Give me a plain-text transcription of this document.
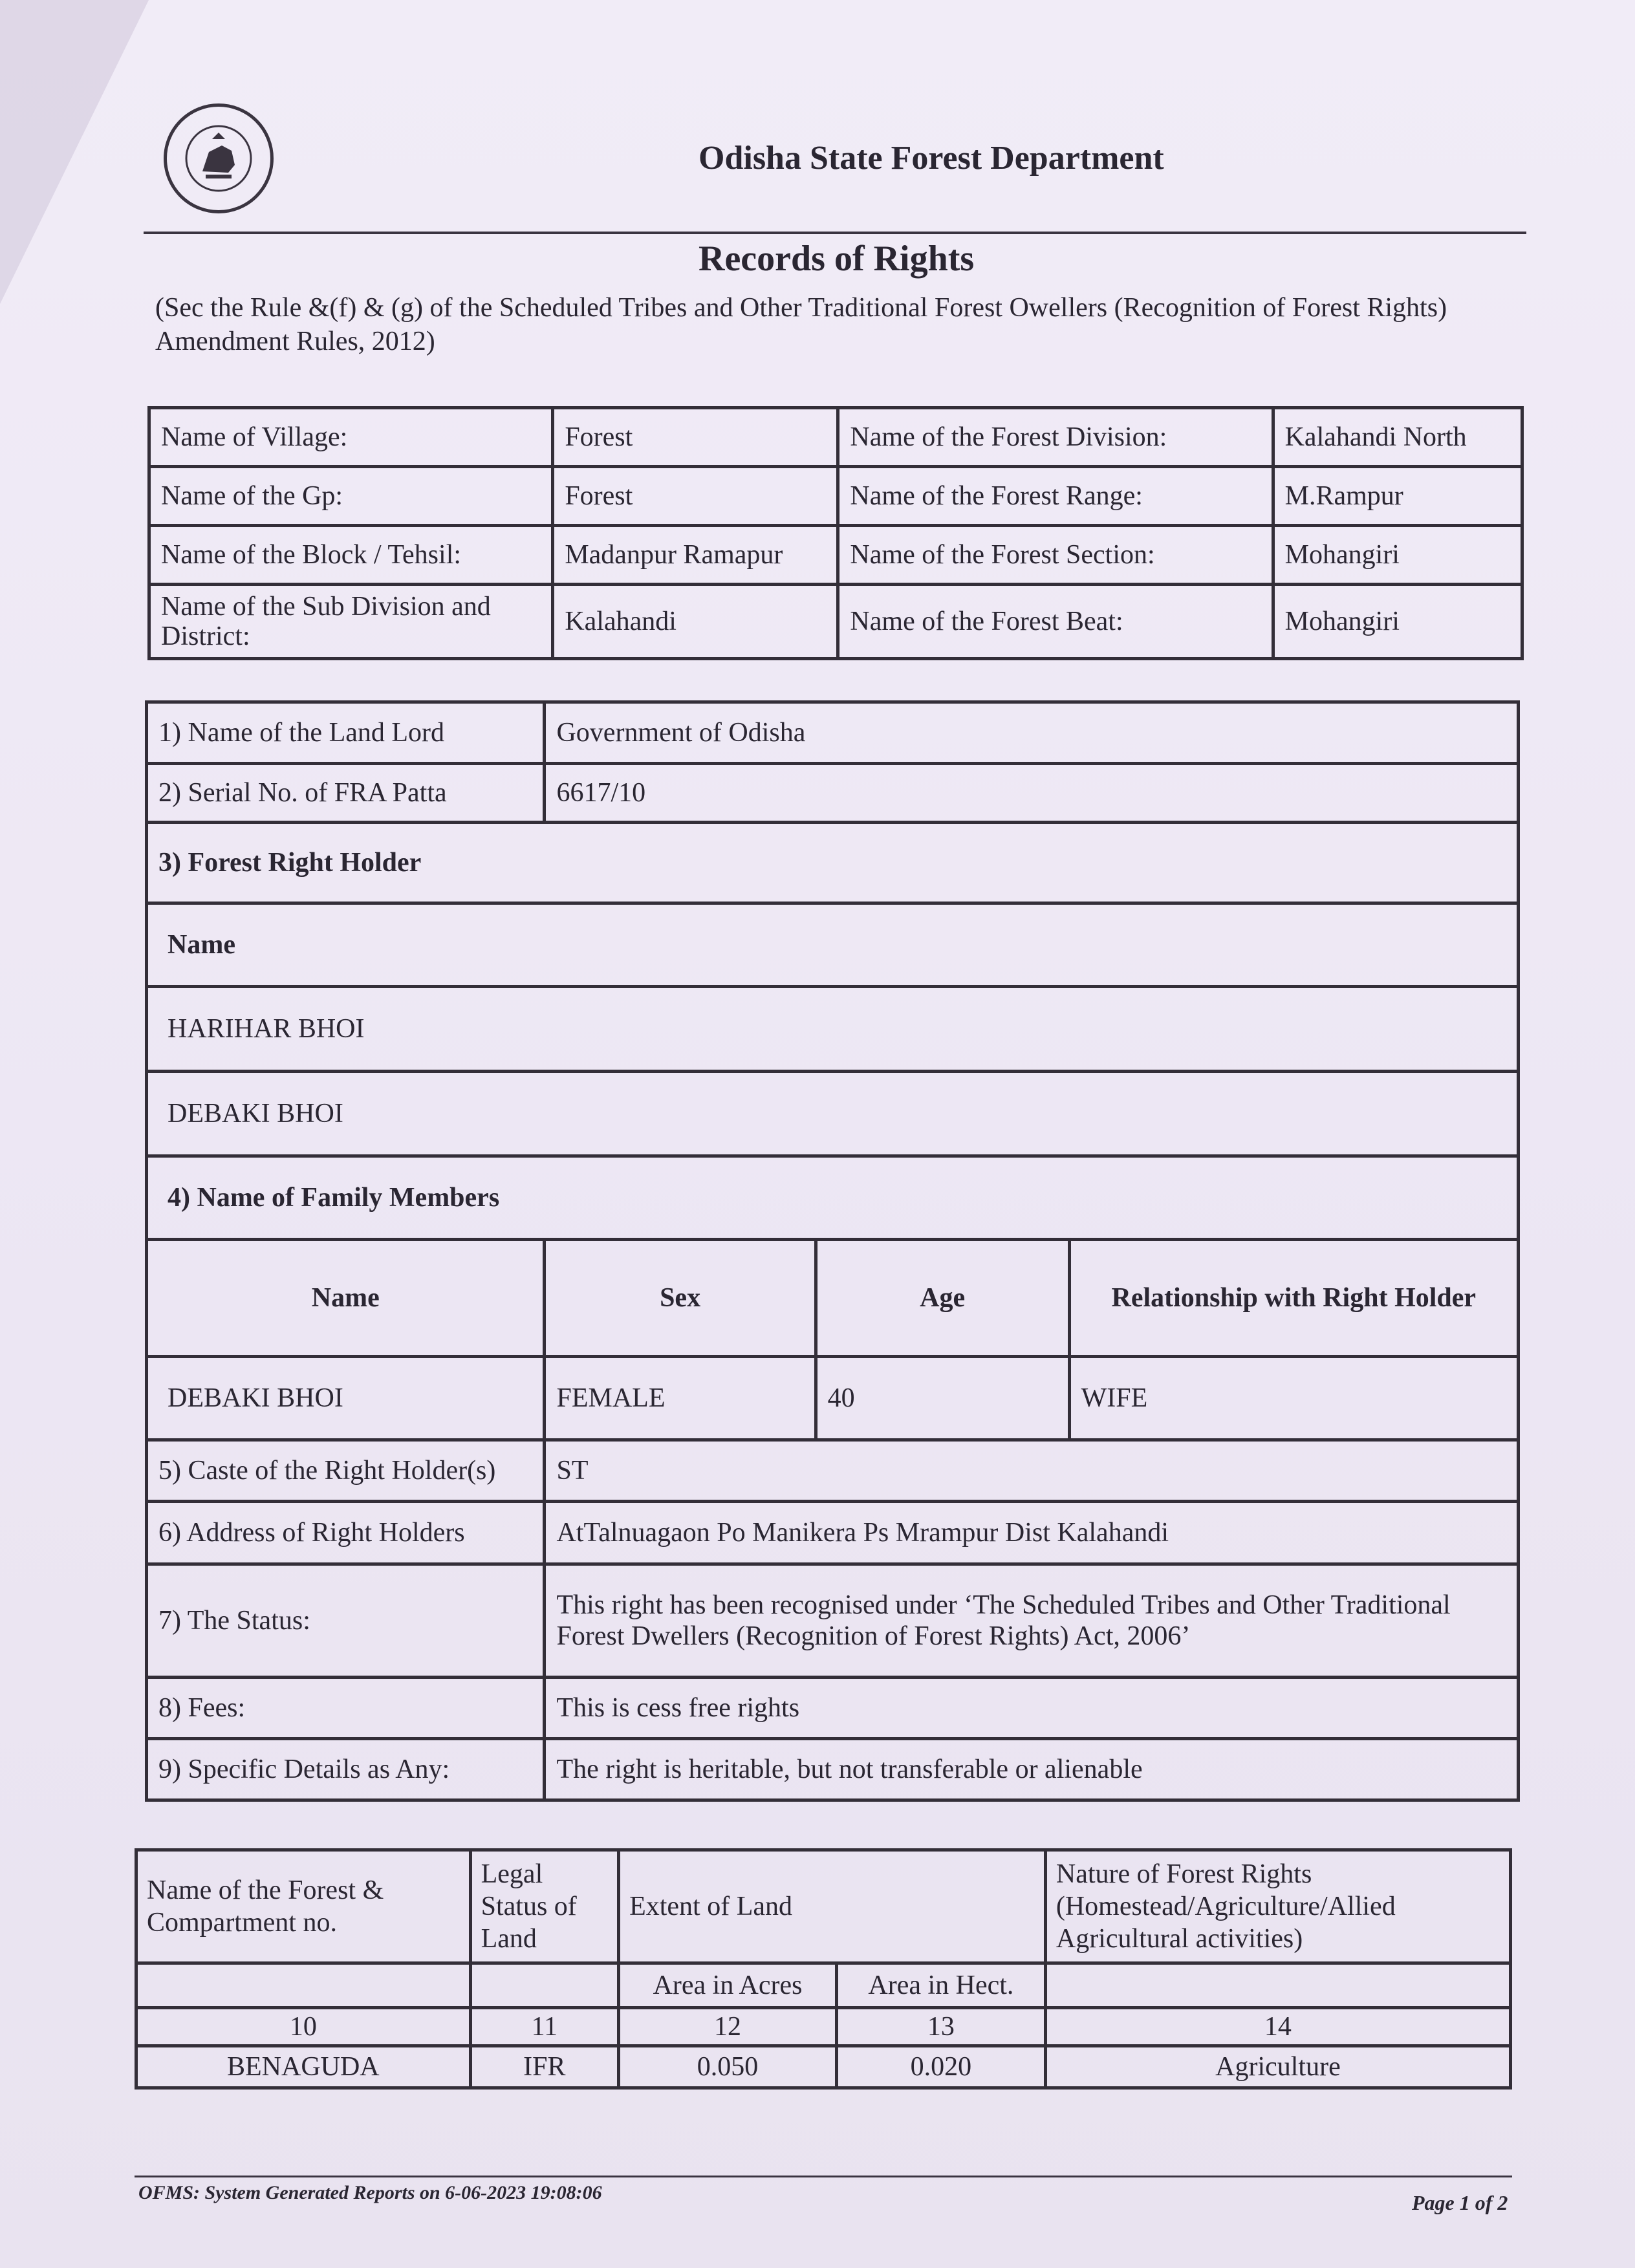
Odisha State Forest Department
Records of Rights
(Sec the Rule &(f) & (g) of the Scheduled Tribes and Other Traditional Forest Owellers (Recognition of Forest Rights) Amendment Rules, 2012)
Name of Village:	Forest	Name of the Forest Division:	Kalahandi North
Name of the Gp:	Forest	Name of the Forest Range:	M.Rampur
Name of the Block / Tehsil:	Madanpur Ramapur	Name of the Forest Section:	Mohangiri
Name of the Sub Division and District:	Kalahandi	Name of the Forest Beat:	Mohangiri
1) Name of the Land Lord	Government of Odisha		
2) Serial No. of FRA Patta	6617/10		
3) Forest Right Holder			
Name			
HARIHAR BHOI			
DEBAKI BHOI			
4) Name of Family Members			
Name	Sex	Age	Relationship with Right Holder
DEBAKI BHOI	FEMALE	40	WIFE
5) Caste of the Right Holder(s)	ST		
6) Address of Right Holders	AtTalnuagaon Po Manikera Ps Mrampur Dist Kalahandi		
7) The Status:	This right has been recognised under ‘The Scheduled Tribes and Other Traditional
Forest Dwellers (Recognition of Forest Rights) Act, 2006’		

8) Fees:	This is cess free rights		
9) Specific Details as Any:	The right is heritable, but not transferable or alienable		
Name of the Forest & Compartment no.	Legal Status of Land	Extent of Land		Nature of Forest Rights (Homestead/Agriculture/Allied Agricultural activities)
		Area in Acres	Area in Hect.	
10	11	12	13	14
BENAGUDA	IFR	0.050	0.020	Agriculture
OFMS: System Generated Reports on 6-06-2023 19:08:06	Page 1 of 2
